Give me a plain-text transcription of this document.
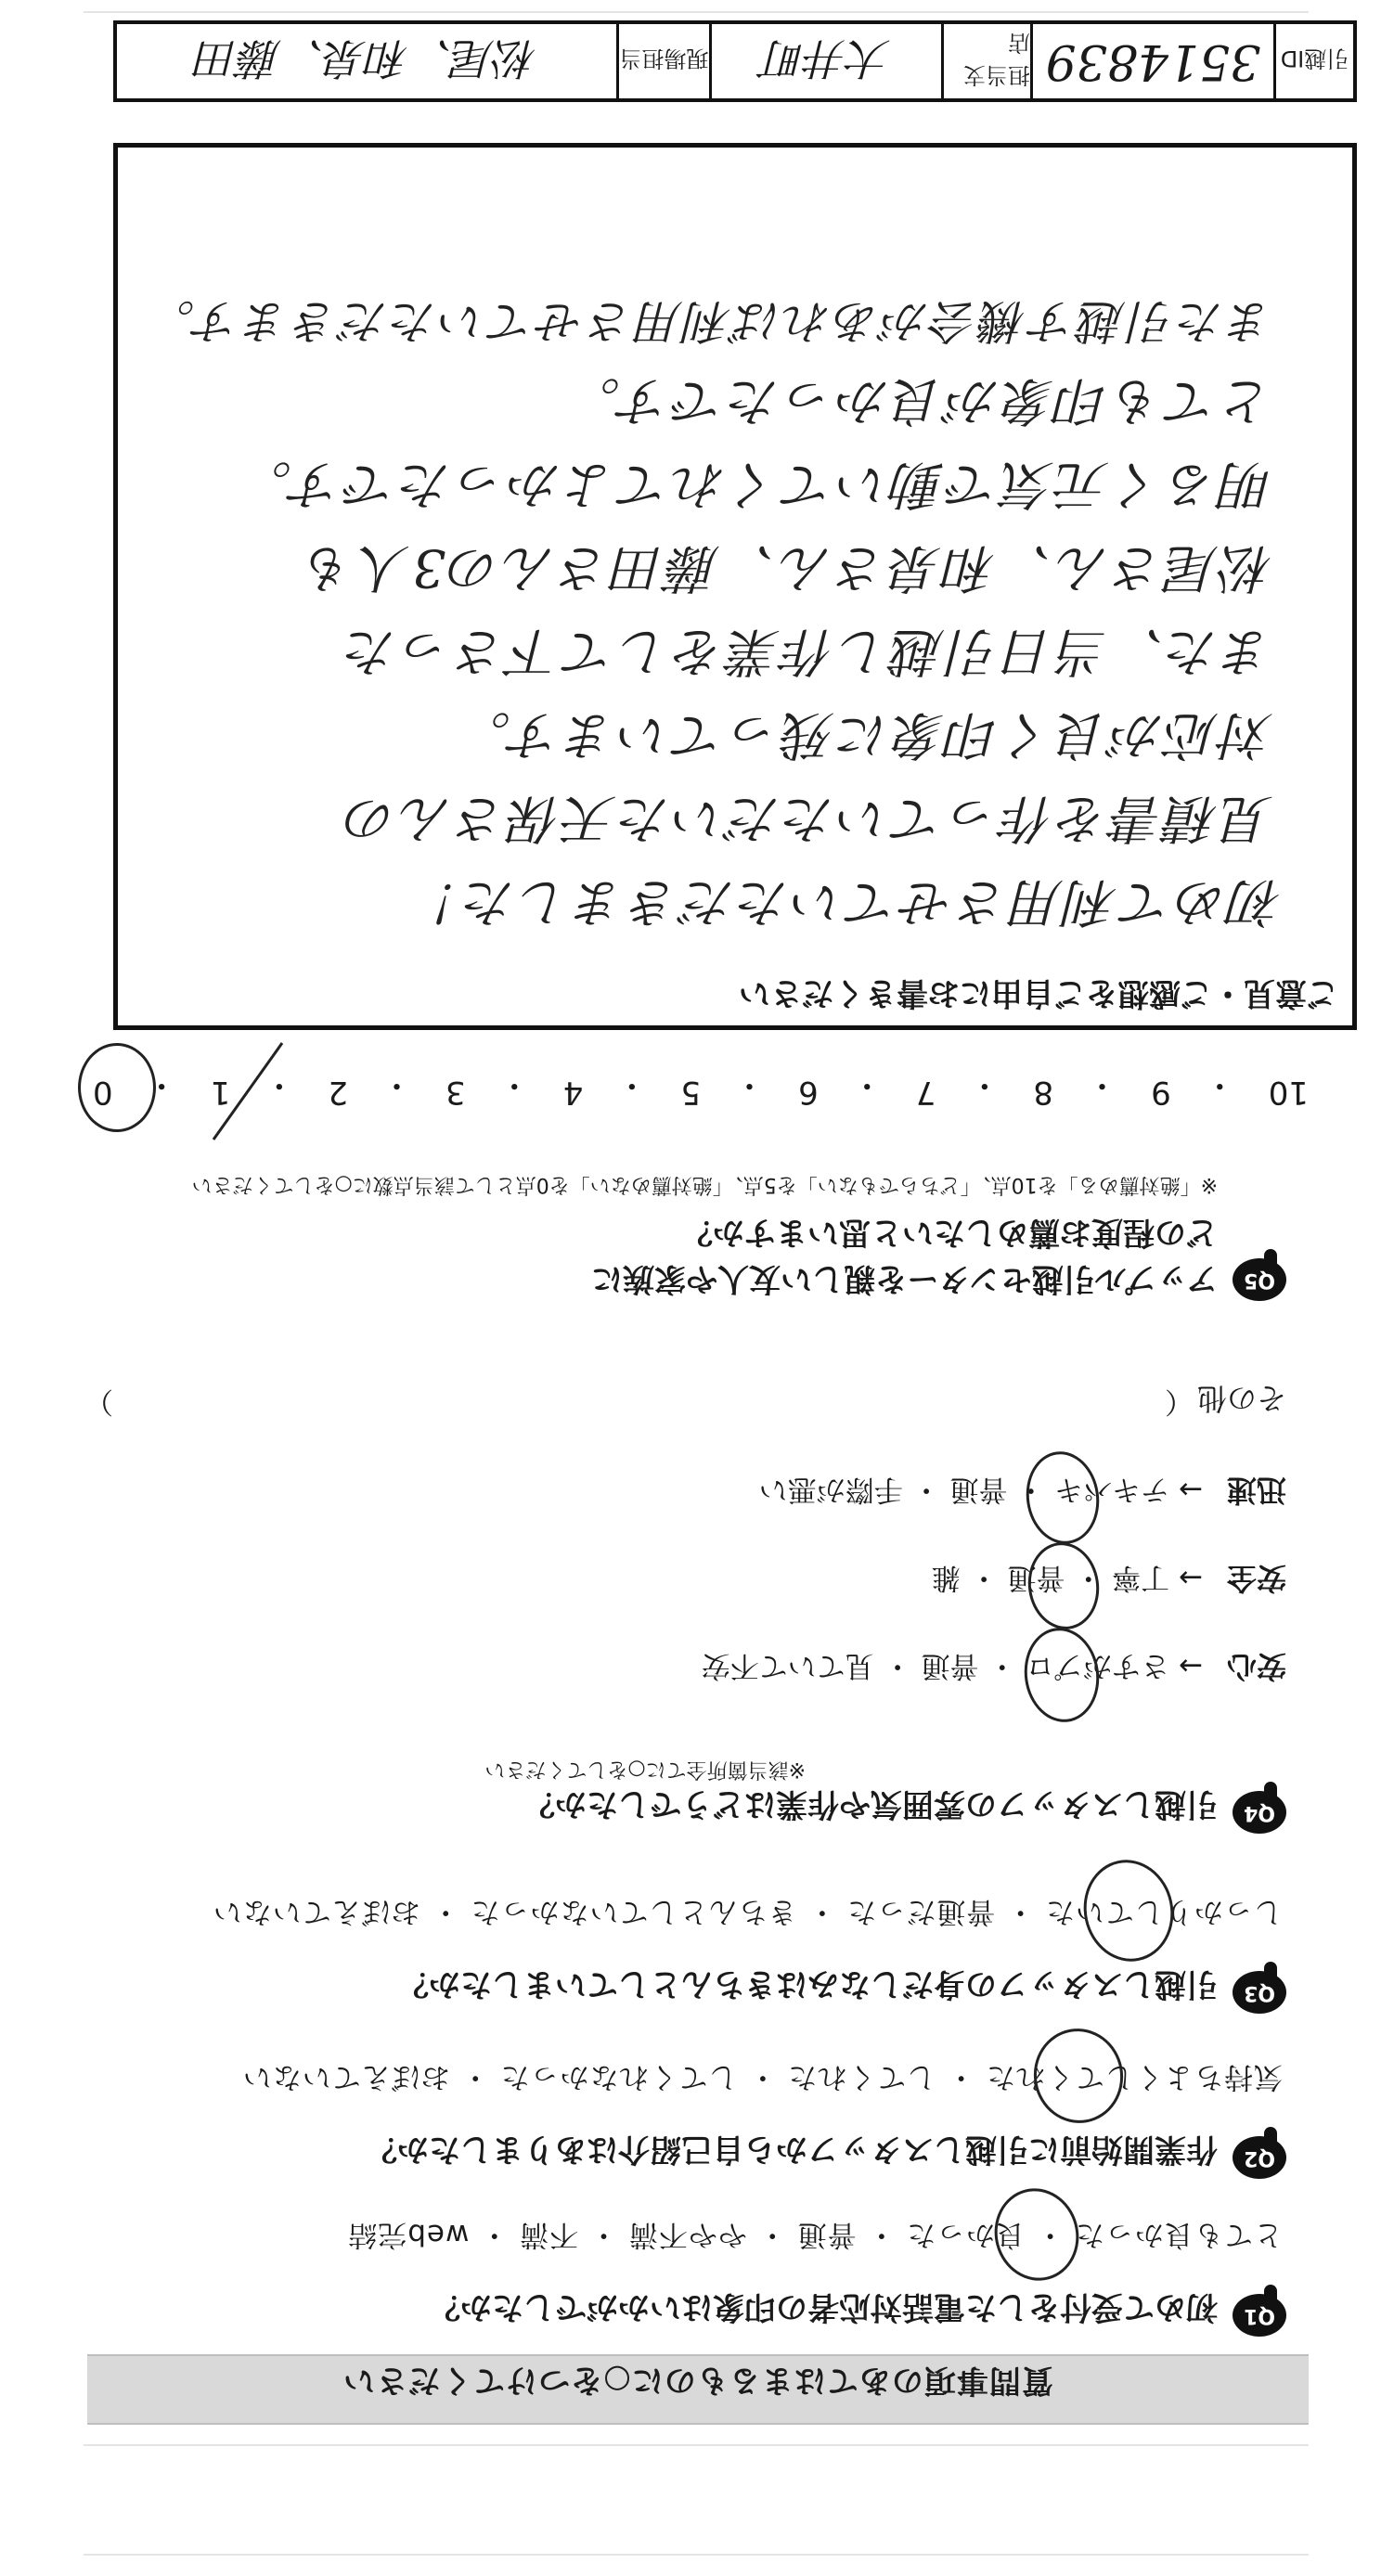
質問事項のあてはまるものに○をつけてください
Q1
初めて受付をした電話対応者の印象はいかがでしたか？
とても良かった ・ 良かった ・ 普通 ・ やや不満 ・ 不満 ・ web完結
Q2
作業開始前に引越しスタッフから自己紹介はありましたか？
気持ちよくしてくれた ・ してくれた ・ してくれなかった ・ おぼえていない
Q3
引越しスタッフの身だしなみはきちんとしていましたか？
しっかりしていた ・ 普通だった ・ きちんとしていなかった ・ おぼえていない
Q4
引越しスタッフの雰囲気や作業はどうでしたか？
※該当箇所全てに○をしてください
安心
→ さすがプロ ・ 普通 ・ 見ていて不安
安全
→ 丁寧 ・ 普通 ・ 雑
迅速
→ テキパキ ・ 普通 ・ 手際が悪い
その他
（
）
Q5
アップル引越センターを親しい友人や家族に
どの程度お薦めしたいと思いますか？
※「絶対薦める」を10点、「どちらでもない」を5点、「絶対薦めない」を0点として該当点数に○をしてください
10
・
9
・
8
・
7
・
6
・
5
・
4
・
3
・
2
・
1
・
0
ご意見・ご感想をご自由にお書きください
初めて利用させていただきました！
見積書を作っていただいた天保さんの
対応が良く印象に残っています。
また、当日引越し作業をして下さった
松尾さん、和泉さん、藤田さんの3人も
明るく元気で動いてくれてよかったです。
とても印象が良かったです。
また引越す機会があれば利用させていただきます。
引越ID
3514839
担当支店
大井町
現場担当
松尾、和泉、藤田
